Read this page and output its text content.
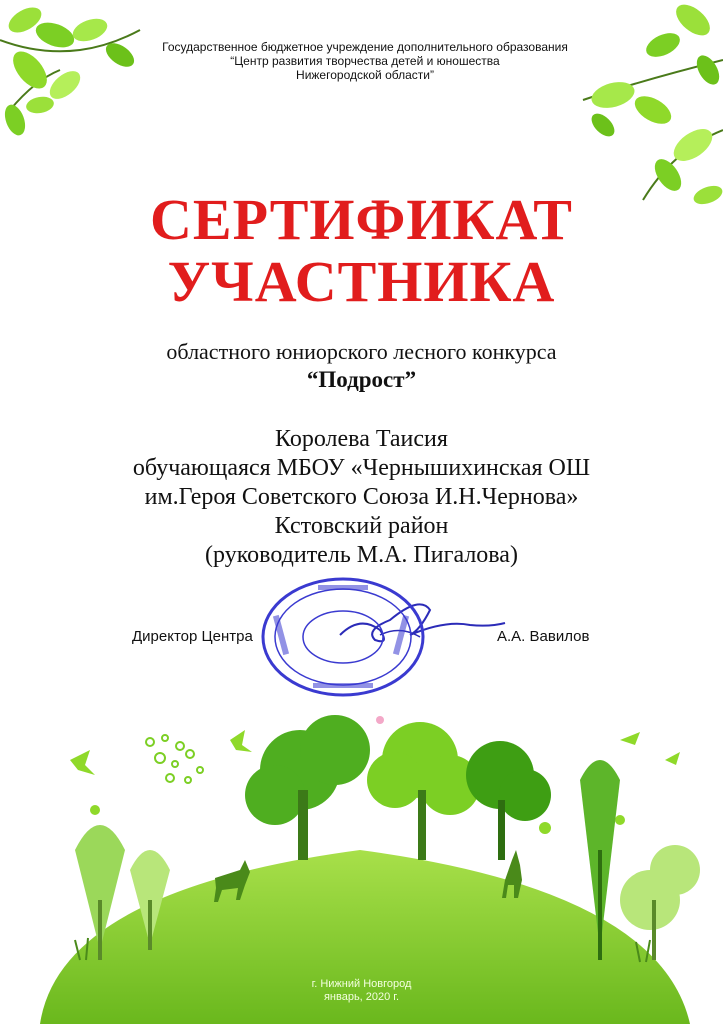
Государственное бюджетное учреждение дополнительного образования
“Центр развития творчества детей и юношества
Нижегородской области”
СЕРТИФИКАТ
УЧАСТНИКА
областного юниорского лесного конкурса
“Подрост”
Королева Таисия
обучающаяся МБОУ «Чернышихинская ОШ
им.Героя Советского Союза И.Н.Чернова»
Кстовский район
(руководитель М.А. Пигалова)
Директор Центра	А.А. Вавилов
г. Нижний Новгород
январь, 2020 г.
